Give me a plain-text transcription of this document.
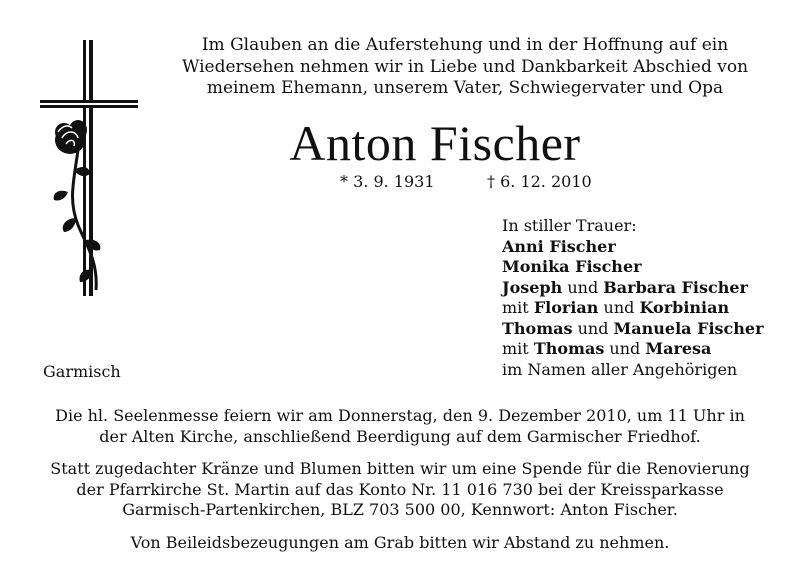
Im Glauben an die Auferstehung und in der Hoffnung auf ein
Wiedersehen nehmen wir in Liebe und Dankbarkeit Abschied von
meinem Ehemann, unserem Vater, Schwiegervater und Opa
Anton Fischer
* 3. 9. 1931	† 6. 12. 2010
In stiller Trauer:
Anni Fischer
Monika Fischer
Joseph und Barbara Fischer
mit Florian und Korbinian
Thomas und Manuela Fischer
mit Thomas und Maresa
im Namen aller Angehörigen
Garmisch
Die hl. Seelenmesse feiern wir am Donnerstag, den 9. Dezember 2010, um 11 Uhr in
der Alten Kirche, anschließend Beerdigung auf dem Garmischer Friedhof.
Statt zugedachter Kränze und Blumen bitten wir um eine Spende für die Renovierung
der Pfarrkirche St. Martin auf das Konto Nr. 11 016 730 bei der Kreissparkasse
Garmisch-Partenkirchen, BLZ 703 500 00, Kennwort: Anton Fischer.
Von Beileidsbezeugungen am Grab bitten wir Abstand zu nehmen.
